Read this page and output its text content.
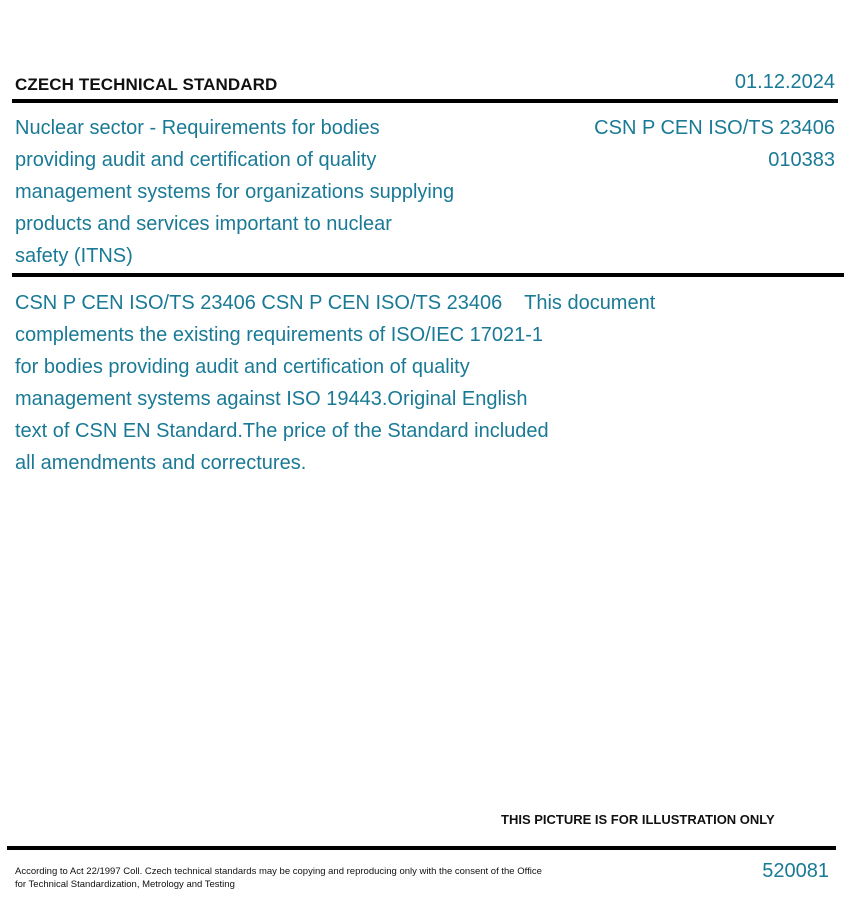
CZECH TECHNICAL STANDARD	01.12.2024
Nuclear sector - Requirements for bodies
providing audit and certification of quality
management systems for organizations supplying
products and services important to nuclear
safety (ITNS)
CSN P CEN ISO/TS 23406
010383
CSN P CEN ISO/TS 23406 CSN P CEN ISO/TS 23406    This document
complements the existing requirements of ISO/IEC 17021-1
for bodies providing audit and certification of quality
management systems against ISO 19443.Original English
text of CSN EN Standard.The price of the Standard included
all amendments and correctures.
THIS PICTURE IS FOR ILLUSTRATION ONLY
According to Act 22/1997 Coll. Czech technical standards may be copying and reproducing only with the consent of the Office
for Technical Standardization, Metrology and Testing
520081
